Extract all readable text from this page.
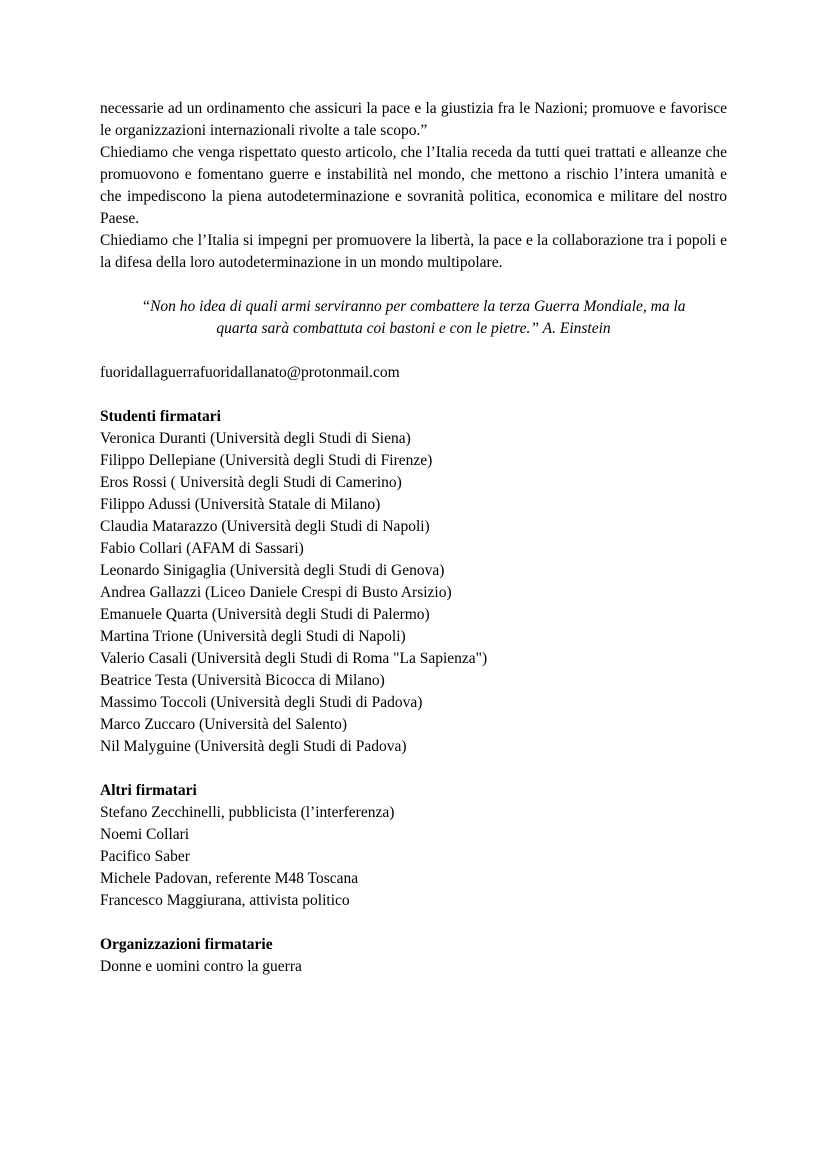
necessarie ad un ordinamento che assicuri la pace e la giustizia fra le Nazioni; promuove e favorisce le organizzazioni internazionali rivolte a tale scopo.”

Chiediamo che venga rispettato questo articolo, che l’Italia receda da tutti quei trattati e alleanze che promuovono e fomentano guerre e instabilità nel mondo, che mettono a rischio l’intera umanità e che impediscono la piena autodeterminazione e sovranità politica, economica e militare del nostro Paese.

Chiediamo che l’Italia si impegni per promuovere la libertà, la pace e la collaborazione tra i popoli e la difesa della loro autodeterminazione in un mondo multipolare.

“Non ho idea di quali armi serviranno per combattere la terza Guerra Mondiale, ma la
quarta sarà combattuta coi bastoni e con le pietre.” A. Einstein

fuoridallaguerrafuoridallanato@protonmail.com

Studenti firmatari

Veronica Duranti (Università degli Studi di Siena)
Filippo Dellepiane (Università degli Studi di Firenze)
Eros Rossi ( Università degli Studi di Camerino)
Filippo Adussi (Università Statale di Milano)
Claudia Matarazzo (Università degli Studi di Napoli)
Fabio Collari (AFAM di Sassari)
Leonardo Sinigaglia (Università degli Studi di Genova)
Andrea Gallazzi (Liceo Daniele Crespi di Busto Arsizio)
Emanuele Quarta (Università degli Studi di Palermo)
Martina Trione (Università degli Studi di Napoli)
Valerio Casali (Università degli Studi di Roma "La Sapienza")
Beatrice Testa (Università Bicocca di Milano)
Massimo Toccoli (Università degli Studi di Padova)
Marco Zuccaro (Università del Salento)
Nil Malyguine (Università degli Studi di Padova)

Altri firmatari

Stefano Zecchinelli, pubblicista (l’interferenza)
Noemi Collari
Pacifico Saber
Michele Padovan, referente M48 Toscana
Francesco Maggiurana, attivista politico

Organizzazioni firmatarie

Donne e uomini contro la guerra
